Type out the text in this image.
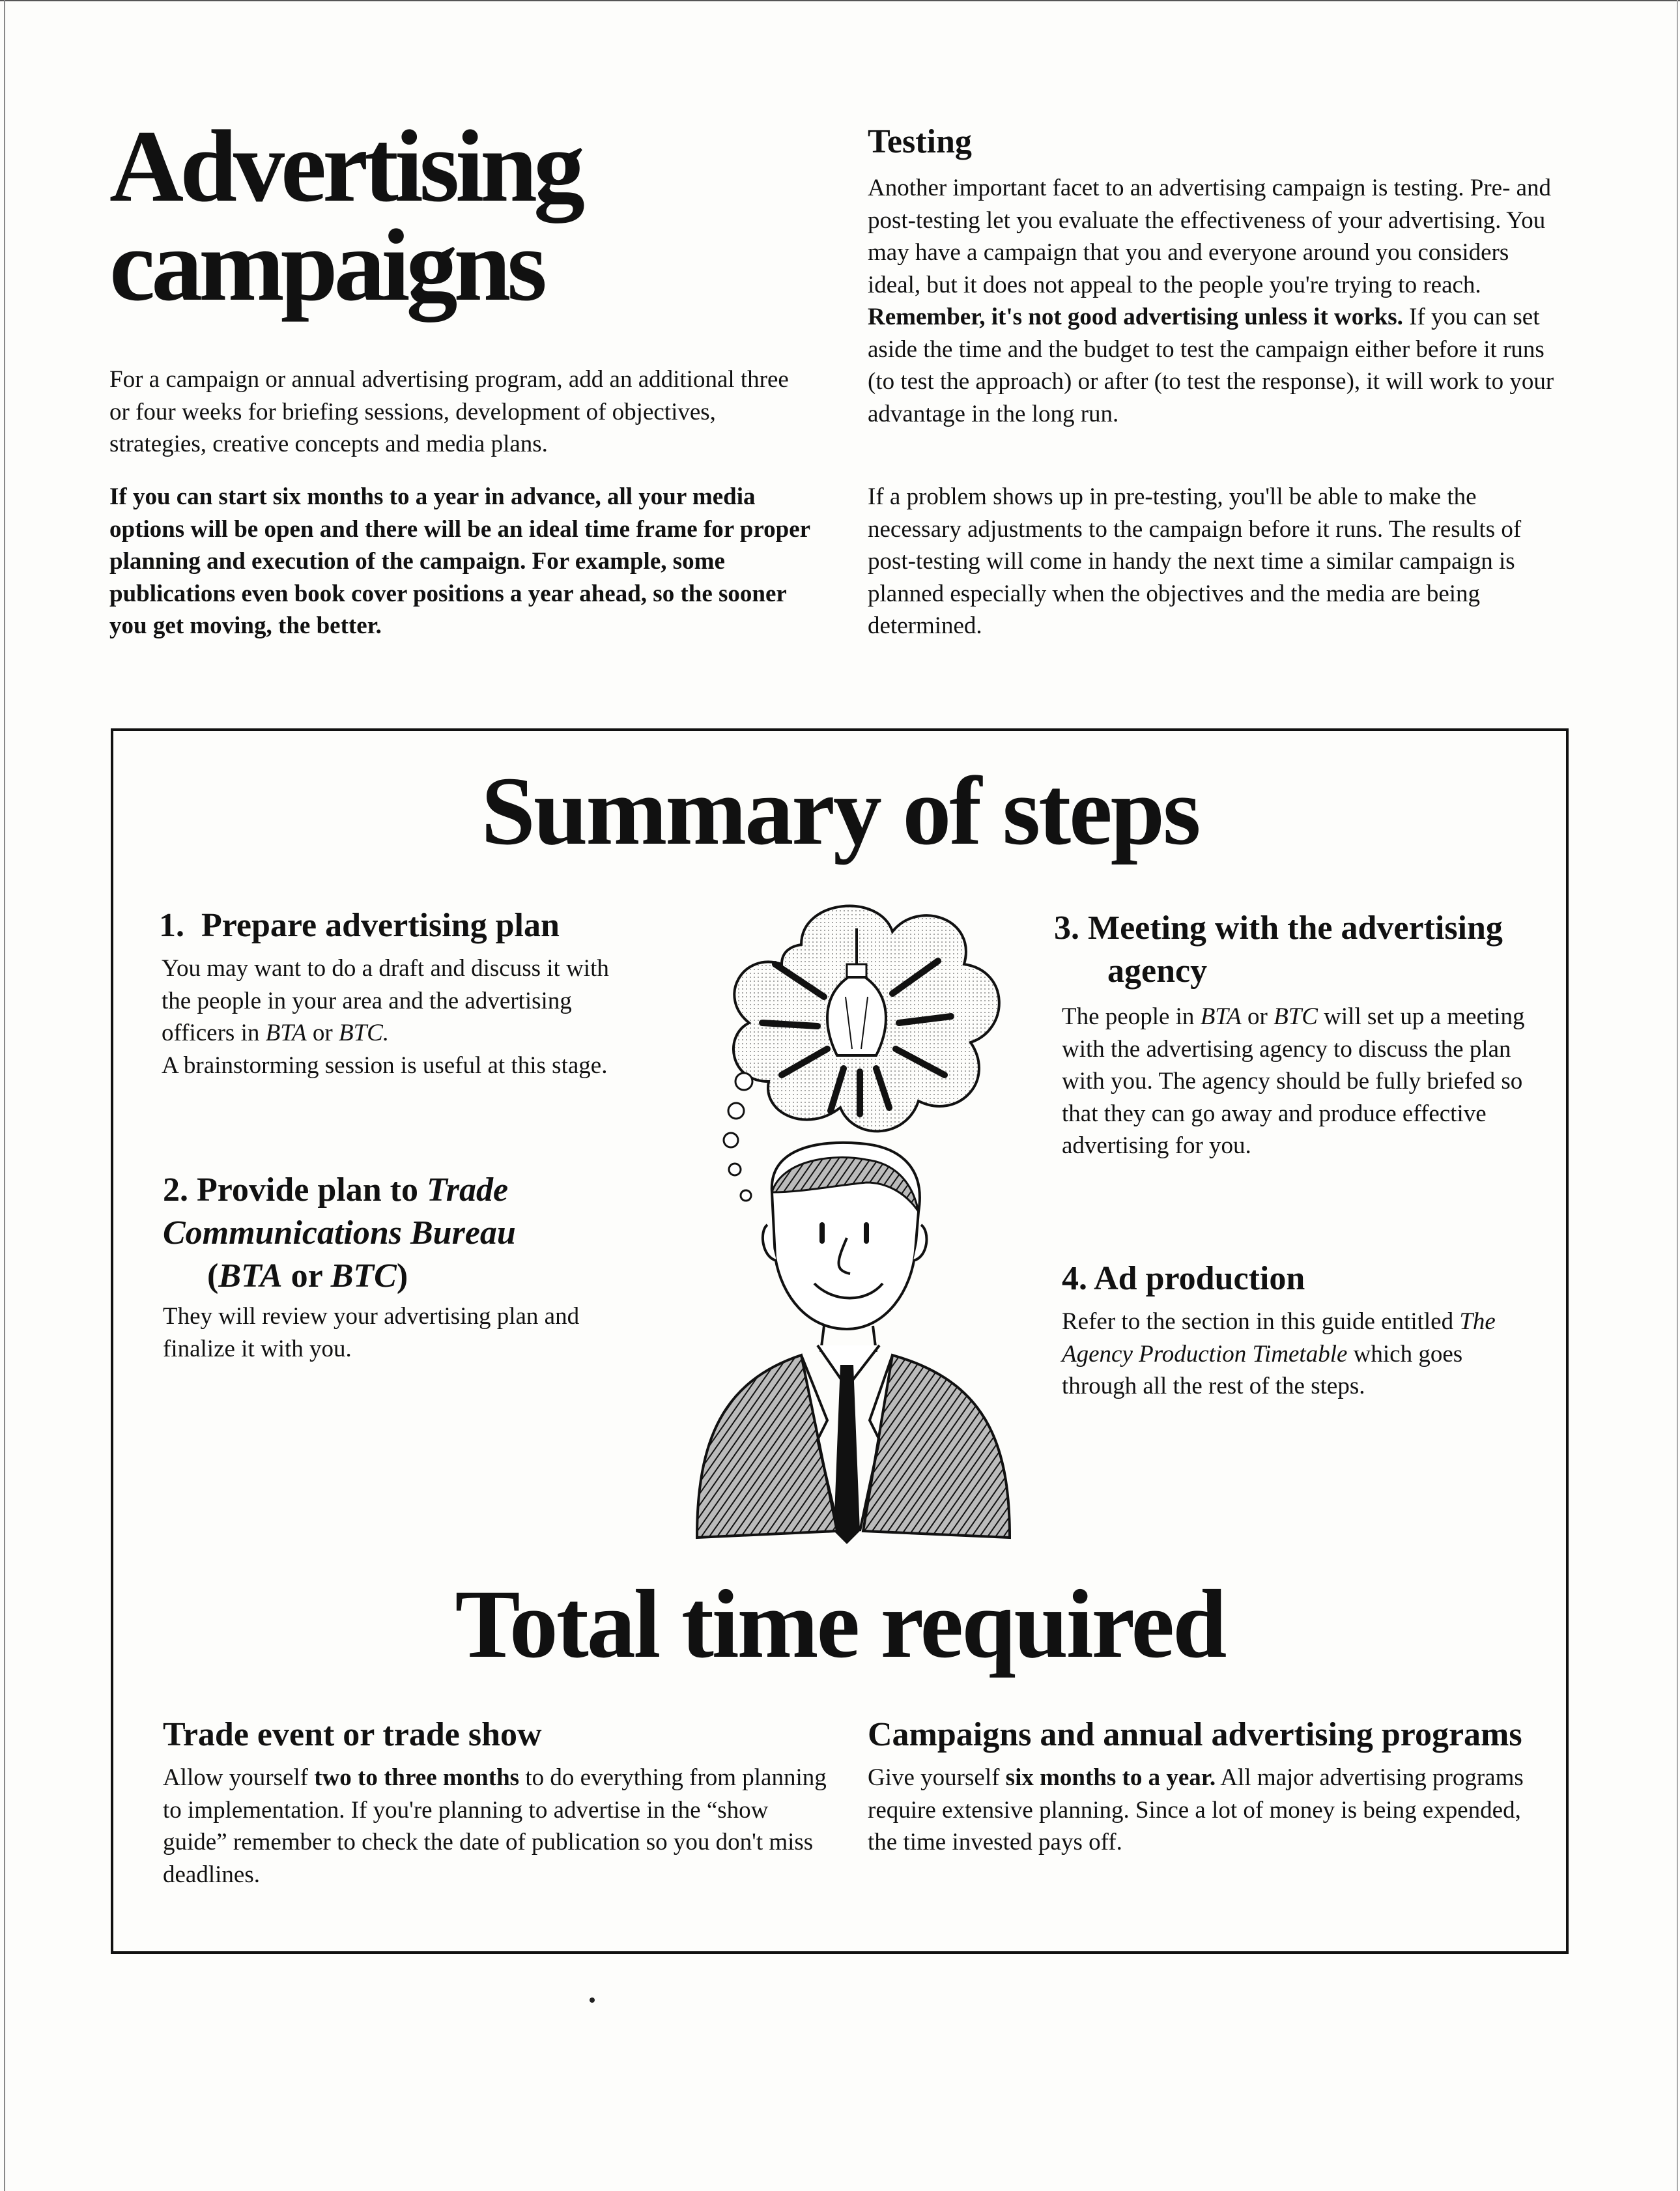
Advertising
campaigns

For a campaign or annual advertising program, add an additional three or four weeks for briefing sessions, development of objectives, strategies, creative concepts and media plans.

If you can start six months to a year in advance, all your media options will be open and there will be an ideal time frame for proper planning and execution of the campaign. For example, some publications even book cover positions a year ahead, so the sooner you get moving, the better.

Testing

Another important facet to an advertising campaign is testing. Pre- and post-testing let you evaluate the effectiveness of your advertising. You may have a campaign that you and everyone around you considers ideal, but it does not appeal to the people you're trying to reach. Remember, it's not good advertising unless it works. If you can set aside the time and the budget to test the campaign either before it runs (to test the approach) or after (to test the response), it will work to your advantage in the long run.

If a problem shows up in pre-testing, you'll be able to make the necessary adjustments to the campaign before it runs. The results of post-testing will come in handy the next time a similar campaign is planned especially when the objectives and the media are being determined.

Summary of steps
1.  Prepare advertising plan

You may want to do a draft and discuss it with the people in your area and the advertising officers in BTA or BTC.
A brainstorming session is useful at this stage.

2. Provide plan to Trade Communications Bureau
(BTA or BTC)

They will review your advertising plan and finalize it with you.

3. Meeting with the advertising
agency

The people in BTA or BTC will set up a meeting with the advertising agency to discuss the plan with you. The agency should be fully briefed so that they can go away and produce effective advertising for you.

4. Ad production

Refer to the section in this guide entitled The Agency Production Timetable which goes through all the rest of the steps.

Total time required
Trade event or trade show

Allow yourself two to three months to do everything from planning to implementation. If you're planning to advertise in the “show guide” remember to check the date of publication so you don't miss deadlines.

Campaigns and annual advertising programs

Give yourself six months to a year. All major advertising programs require extensive planning. Since a lot of money is being expended, the time invested pays off.
